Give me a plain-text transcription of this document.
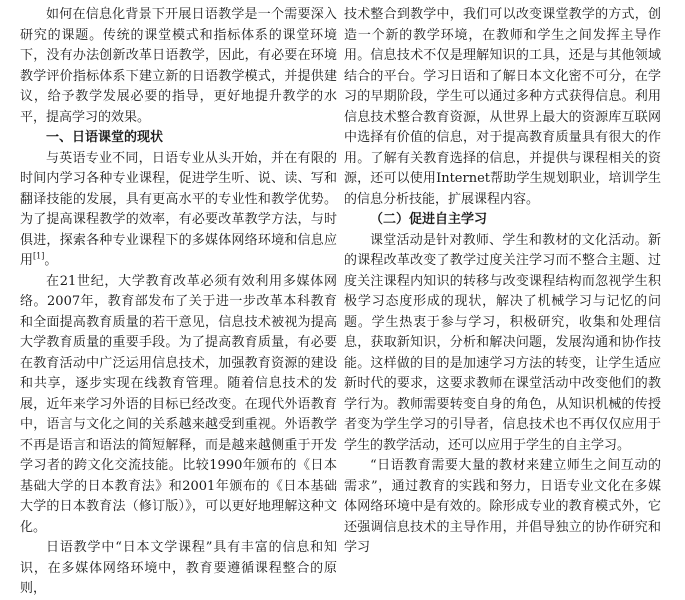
如何在信息化背景下开展日语教学是一个需要深入研究的课题。传统的课堂模式和指标体系的课堂环境下，没有办法创新改革日语教学，因此，有必要在环境教学评价指标体系下建立新的日语教学模式，并提供建议，给予教学发展必要的指导，更好地提升教学的水平，提高学习的效果。

一、日语课堂的现状

与英语专业不同，日语专业从头开始，并在有限的时间内学习各种专业课程，促进学生听、说、读、写和翻译技能的发展，具有更高水平的专业性和教学优势。为了提高课程教学的效率，有必要改革教学方法，与时俱进，探索各种专业课程下的多媒体网络环境和信息应用[1]。

在21世纪，大学教育改革必须有效利用多媒体网络。2007年，教育部发布了关于进一步改革本科教育和全面提高教育质量的若干意见，信息技术被视为提高大学教育质量的重要手段。为了提高教育质量，有必要在教育活动中广泛运用信息技术，加强教育资源的建设和共享，逐步实现在线教育管理。随着信息技术的发展，近年来学习外语的目标已经改变。在现代外语教育中，语言与文化之间的关系越来越受到重视。外语教学不再是语言和语法的简短解释，而是越来越侧重于开发学习者的跨文化交流技能。比较1990年颁布的《日本基础大学的日本教育法》和2001年颁布的《日本基础大学的日本教育法（修订版）》，可以更好地理解这种文化。

日语教学中“日本文学课程”具有丰富的信息和知识，在多媒体网络环境中，教育要遵循课程整合的原则，

技术整合到教学中，我们可以改变课堂教学的方式，创造一个新的教学环境，在教师和学生之间发挥主导作用。信息技术不仅是理解知识的工具，还是与其他领域结合的平台。学习日语和了解日本文化密不可分，在学习的早期阶段，学生可以通过多种方式获得信息。利用信息技术整合教育资源，从世界上最大的资源库互联网中选择有价值的信息，对于提高教育质量具有很大的作用。了解有关教育选择的信息，并提供与课程相关的资源，还可以使用Internet帮助学生规划职业，培训学生的信息分析技能，扩展课程内容。

（二）促进自主学习

课堂活动是针对教师、学生和教材的文化活动。新的课程改革改变了教学过度关注学习而不整合主题、过度关注课程内知识的转移与改变课程结构而忽视学生积极学习态度形成的现状，解决了机械学习与记忆的问题。学生热衷于参与学习，积极研究，收集和处理信息，获取新知识，分析和解决问题，发展沟通和协作技能。这样做的目的是加速学习方法的转变，让学生适应新时代的要求，这要求教师在课堂活动中改变他们的教学行为。教师需要转变自身的角色，从知识机械的传授者变为学生学习的引导者，信息技术也不再仅仅应用于学生的教学活动，还可以应用于学生的自主学习。

“日语教育需要大量的教材来建立师生之间互动的需求”，通过教育的实践和努力，日语专业文化在多媒体网络环境中是有效的。除形成专业的教育模式外，它还强调信息技术的主导作用，并倡导独立的协作研究和学习
